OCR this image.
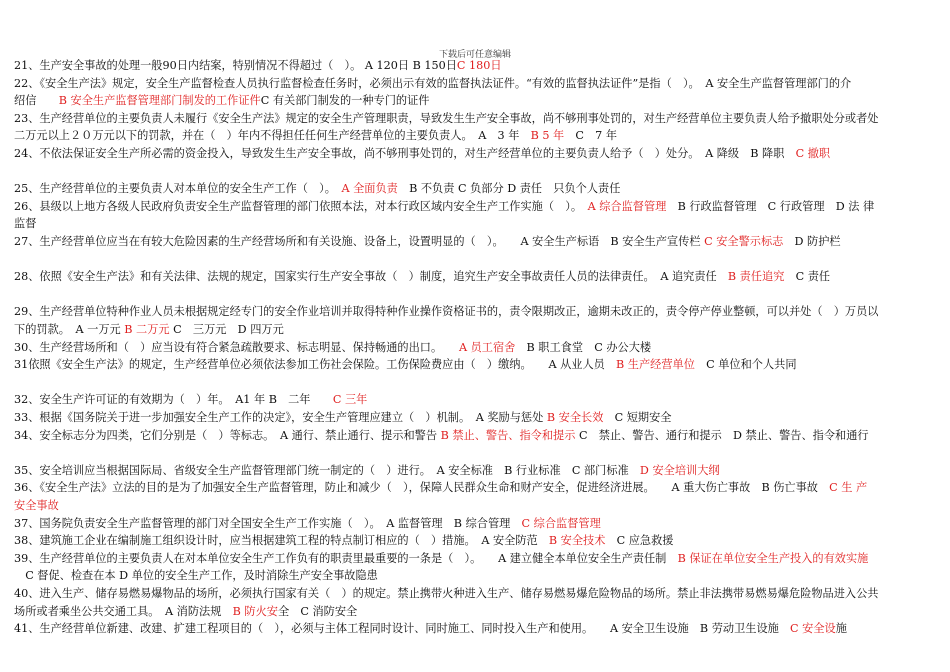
下载后可任意编辑
21、生产安全事故的处理一般90日内结案，特别情况不得超过（　）。 A 120日 B 150日C 180日
22、《安全生产法》规定，安全生产监督检查人员执行监督检查任务时，必须出示有效的监督执法证件。“有效的监督执法证件”是指（　）。　A 安全生产监督管理部门的介
绍信　　B 安全生产监督管理部门制发的工作证件C 有关部门制发的一种专门的证件
23、生产经营单位的主要负责人未履行《安全生产法》规定的安全生产管理职责，导致发生生产安全事故，尚不够刑事处罚的，对生产经营单位主要负责人给予撤职处分或者处
二万元以上２０万元以下的罚款，并在（　）年内不得担任任何生产经营单位的主要负责人。　A　3 年　B 5 年　C　7 年
24、不依法保证安全生产所必需的资金投入，导致发生生产安全事故，尚不够刑事处罚的，对生产经营单位的主要负责人给予（　）处分。　A 降级　B 降职　C 撤职
25、生产经营单位的主要负责人对本单位的安全生产工作（　）。　A 全面负责　B 不负责 C 负部分 D 责任　只负个人责任
26、县级以上地方各级人民政府负责安全生产监督管理的部门依照本法，对本行政区域内安全生产工作实施（　）。　A 综合监督管理　B 行政监督管理　C 行政管理　D 法 律
监督
27、生产经营单位应当在有较大危险因素的生产经营场所和有关设施、设备上，设置明显的（　）。　　A 安全生产标语　B 安全生产宣传栏 C 安全警示标志　D 防护栏
28、依照《安全生产法》和有关法律、法规的规定，国家实行生产安全事故（　）制度，追究生产安全事故责任人员的法律责任。　A 追究责任　B 责任追究　C 责任
29、生产经营单位特种作业人员未根据规定经专门的安全作业培训并取得特种作业操作资格证书的，责令限期改正，逾期未改正的，责令停产停业整顿，可以并处（　）万员以
下的罚款。　A 一万元 B 二万元 C　三万元　D 四万元
30、生产经营场所和（　）应当设有符合紧急疏散要求、标志明显、保持畅通的出口。　　A 员工宿舍　B 职工食堂　C 办公大楼
31依照《安全生产法》的规定，生产经营单位必须依法参加工伤社会保险。工伤保险费应由（　）缴纳。　　A 从业人员　B 生产经营单位　C 单位和个人共同
32、安全生产许可证的有效期为（　）年。　A1 年 B　二年　　C 三年
33、根据《国务院关于进一步加强安全生产工作的决定》，安全生产管理应建立（　）机制。　A 奖励与惩处 B 安全长效　C 短期安全
34、安全标志分为四类，它们分别是（　）等标志。　A 通行、禁止通行、提示和警告 B 禁止、警告、指令和提示 C　禁止、警告、通行和提示　D 禁止、警告、指令和通行
35、安全培训应当根据国际局、省级安全生产监督管理部门统一制定的（　）进行。　A 安全标准　B 行业标准　C 部门标准　D 安全培训大纲
36、《安全生产法》立法的目的是为了加强安全生产监督管理，防止和减少（　），保障人民群众生命和财产安全，促进经济进展。　　A 重大伤亡事故　B 伤亡事故　C 生 产
安全事故
37、国务院负责安全生产监督管理的部门对全国安全生产工作实施（　）。　A 监督管理　B 综合管理　C 综合监督管理
38、建筑施工企业在编制施工组织设计时，应当根据建筑工程的特点制订相应的（　）措施。　A 安全防范　B 安全技术　C 应急救援
39、生产经营单位的主要负责人在对本单位安全生产工作负有的职责里最重要的一条是（　）。　　A 建立健全本单位安全生产责任制　B 保证在单位安全生产投入的有效实施
　C 督促、检查在本 D 单位的安全生产工作，及时消除生产安全事故隐患
40、进入生产、储存易燃易爆物品的场所，必须执行国家有关（　）的规定。禁止携带火种进入生产、储存易燃易爆危险物品的场所。禁止非法携带易燃易爆危险物品进入公共
场所或者乘坐公共交通工具。　A 消防法规　B 防火安全　C 消防安全
41、生产经营单位新建、改建、扩建工程项目的（　），必须与主体工程同时设计、同时施工、同时投入生产和使用。　　A 安全卫生设施　B 劳动卫生设施　C 安全设施
